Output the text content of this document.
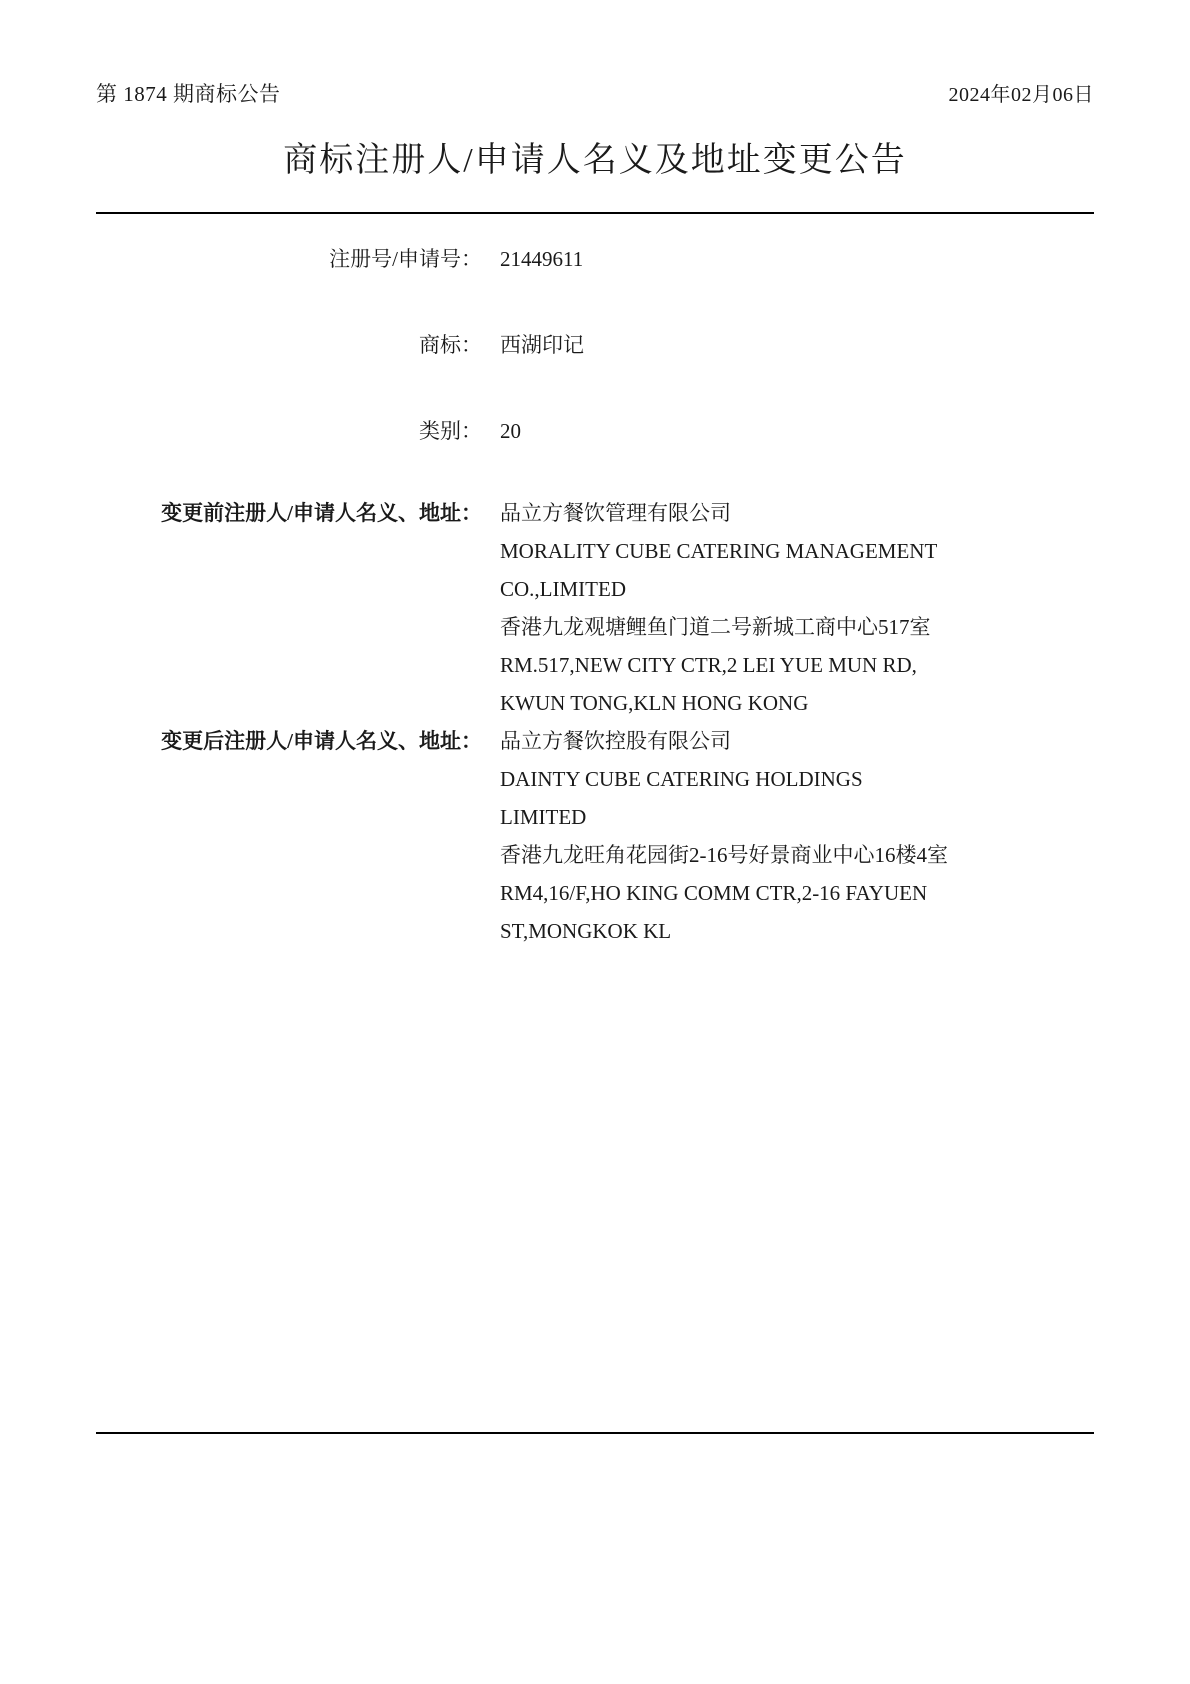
第 1874 期商标公告	2024年02月06日
商标注册人/申请人名义及地址变更公告
注册号/申请号： 21449611
商标： 西湖印记
类别： 20
变更前注册人/申请人名义、地址： 品立方餐饮管理有限公司
MORALITY CUBE CATERING MANAGEMENT
CO.,LIMITED
香港九龙观塘鲤鱼门道二号新城工商中心517室
RM.517,NEW CITY CTR,2 LEI YUE MUN RD,
KWUN TONG,KLN HONG KONG
变更后注册人/申请人名义、地址： 品立方餐饮控股有限公司
DAINTY CUBE CATERING HOLDINGS
LIMITED
香港九龙旺角花园街2-16号好景商业中心16楼4室
RM4,16/F,HO KING COMM CTR,2-16 FAYUEN
ST,MONGKOK KL
